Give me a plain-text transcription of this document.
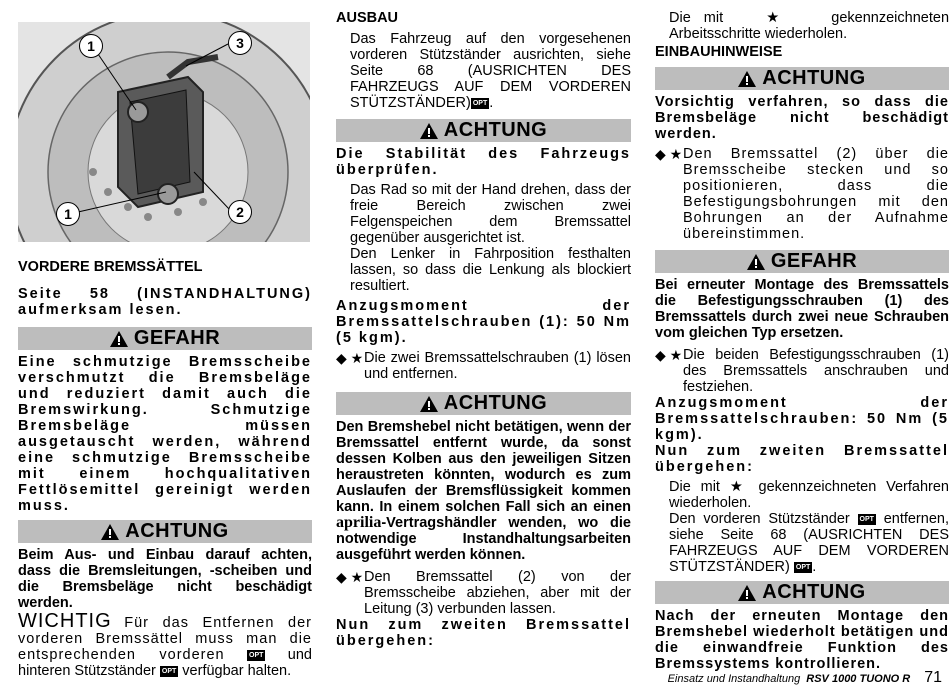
1	3
1	2

VORDERE BREMSSÄTTEL

Seite 58 (INSTANDHALTUNG) aufmerksam lesen.

GEFAHR

Eine schmutzige Bremsscheibe verschmutzt die Bremsbeläge und reduziert damit auch die Bremswirkung. Schmutzige Bremsbeläge müssen ausgetauscht werden, während eine schmutzige Bremsscheibe mit einem hochqualitativen Fettlösemittel gereinigt werden muss.

ACHTUNG

Beim Aus- und Einbau darauf achten, dass die Bremsleitungen, -scheiben und die Bremsbeläge nicht beschädigt werden.

WICHTIG Für das Entfernen der vorderen Bremssättel muss man die entsprechenden vorderen	OPT und hinteren Stützständer OPT verfügbar halten.

AUSBAU

Das Fahrzeug auf den vorgesehenen vorderen Stützständer ausrichten, siehe Seite 68 (AUSRICHTEN DES FAHRZEUGS AUF DEM VORDEREN STÜTZSTÄNDER) OPT .

ACHTUNG

Die Stabilität des Fahrzeugs überprüfen.

Das Rad so mit der Hand drehen, dass der freie Bereich zwischen zwei Felgenspeichen dem Bremssattel gegenüber ausgerichtet ist.

Den Lenker in Fahrposition festhalten lassen, so dass die Lenkung als blockiert resultiert.

Anzugsmoment der Bremssattelschrauben (1): 50 Nm (5 kgm).

◆ ★ Die zwei Bremssattelschrauben (1) lösen und entfernen.

ACHTUNG

Den Bremshebel nicht betätigen, wenn der Bremssattel entfernt wurde, da sonst dessen Kolben aus den jeweiligen Sitzen heraustreten könnten, wodurch es zum Auslaufen der Bremsflüssigkeit kommen kann. In einem solchen Fall sich an einen aprilia-Vertragshändler wenden, wo die notwendige Instandhaltungsarbeiten ausgeführt werden können.

◆ ★ Den Bremssattel (2) von der Bremsscheibe abziehen, aber mit der Leitung (3) verbunden lassen.

Nun zum zweiten Bremssattel übergehen:

Die mit	★	gekennzeichneten Arbeitsschritte wiederholen.

EINBAUHINWEISE

ACHTUNG

Vorsichtig verfahren, so dass die Bremsbeläge nicht beschädigt werden.

◆ ★ Den Bremssattel (2) über die Bremsscheibe stecken und so positionieren, dass die Befestigungsbohrungen mit den Bohrungen an der Aufnahme übereinstimmen.

GEFAHR

Bei erneuter Montage des Bremssattels die Befestigungsschrauben (1) des Bremssattels durch zwei neue Schrauben vom gleichen Typ ersetzen.

◆ ★ Die beiden Befestigungsschrauben (1) des Bremssattels anschrauben und festziehen.

Anzugsmoment der Bremssattelschrauben: 50 Nm (5 kgm).

Nun zum zweiten Bremssattel übergehen:

Die mit ★ gekennzeichneten Verfahren wiederholen.

Den vorderen Stützständer OPT entfernen, siehe Seite 68 (AUSRICHTEN DES FAHRZEUGS AUF DEM VORDEREN STÜTZSTÄNDER) OPT .

ACHTUNG

Nach der erneuten Montage den Bremshebel wiederholt betätigen und die einwandfreie Funktion des Bremssystems kontrollieren.

Einsatz und Instandhaltung RSV 1000 TUONO R 71
